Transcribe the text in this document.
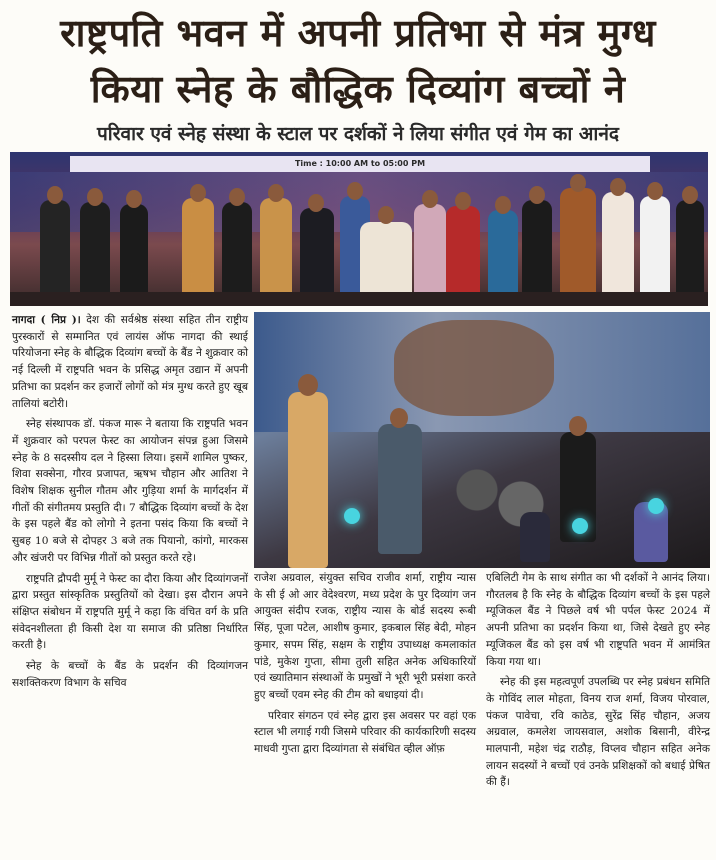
राष्ट्रपति भवन में अपनी प्रतिभा से मंत्र मुग्ध
किया स्नेह के बौद्धिक दिव्यांग बच्चों ने
परिवार एवं स्नेह संस्था के स्टाल पर दर्शकों ने लिया संगीत एवं गेम का आनंद
Time : 10:00 AM to 05:00 PM

नागदा ( निप्र )। देश की सर्वश्रेष्ठ संस्था सहित तीन राष्ट्रीय पुरस्कारों से सम्मानित एवं लायंस ऑफ नागदा की स्थाई परियोजना स्नेह के बौद्धिक दिव्यांग बच्चों के बैंड ने शुक्रवार को नई दिल्ली में राष्ट्रपति भवन के प्रसिद्ध अमृत उद्यान में अपनी प्रतिभा का प्रदर्शन कर हजारों लोगों को मंत्र मुग्ध करते हुए खूब तालियां बटोरी।

स्नेह संस्थापक डॉ. पंकज मारू ने बताया कि राष्ट्रपति भवन में शुक्रवार को परपल फेस्ट का आयोजन संपन्न हुआ जिसमे स्नेह के 8 सदस्सीय दल ने हिस्सा लिया। इसमें शामिल पुष्कर, शिवा सक्सेना, गौरव प्रजापत, ऋषभ चौहान और आतिश ने विशेष शिक्षक सुनील गौतम और गुड़िया शर्मा के मार्गदर्शन में गीतों की संगीतमय प्रस्तुति दी। 7 बौद्धिक दिव्यांग बच्चों के देश के इस पहले बैंड को लोगो ने इतना पसंद किया कि बच्चों ने सुबह 10 बजे से दोपहर 3 बजे तक पियानो, कांगो, मारकस और खंजरी पर विभिन्न गीतों को प्रस्तुत करते रहे।

राष्ट्रपति द्रौपदी मुर्मू ने फेस्ट का दौरा किया और दिव्यांगजनों द्वारा प्रस्तुत सांस्कृतिक प्रस्तुतियों को देखा। इस दौरान अपने संक्षिप्त संबोधन में राष्ट्रपति मुर्मू ने कहा कि वंचित वर्ग के प्रति संवेदनशीलता ही किसी देश या समाज की प्रतिष्ठा निर्धारित करती है।

स्नेह के बच्चों के बैंड के प्रदर्शन की दिव्यांगजन सशक्तिकरण विभाग के सचिव

राजेश अग्रवाल, संयुक्त सचिव राजीव शर्मा, राष्ट्रीय न्यास के सी ई ओ आर वेदेश्वरण, मध्य प्रदेश के पुर दिव्यांग जन आयुक्त संदीप रजक, राष्ट्रीय न्यास के बोर्ड सदस्य रूबी सिंह, पूजा पटेल, आशीष कुमार, इकबाल सिंह बेदी, मोहन कुमार, सपम सिंह, सक्षम के राष्ट्रीय उपाध्यक्ष कमलाकांत पांडे, मुकेश गुप्ता, सीमा तुली सहित अनेक अधिकारियों एवं ख्यातिमान संस्थाओं के प्रमुखों ने भूरी भूरी प्रसंशा करते हुए बच्चों एवम स्नेह की टीम को बधाइयां दी।

परिवार संगठन एवं स्नेह द्वारा इस अवसर पर वहां एक स्टाल भी लगाई गयी जिसमे परिवार की कार्यकारिणी सदस्य माधवी गुप्ता द्वारा दिव्यांगता से संबंधित व्हील ऑफ़

एबिलिटी गेम के साथ संगीत का भी दर्शकों ने आनंद लिया। गौरतलब है कि स्नेह के बौद्धिक दिव्यांग बच्चों के इस पहले म्यूजिकल बैंड ने पिछले वर्ष भी पर्पल फेस्ट 2024 में अपनी प्रतिभा का प्रदर्शन किया था, जिसे देखते हुए स्नेह म्यूजिकल बैंड को इस वर्ष भी राष्ट्रपति भवन में आमंत्रित किया गया था।

स्नेह की इस महत्वपूर्ण उपलब्धि पर स्नेह प्रबंधन समिति के गोविंद लाल मोहता, विनय राज शर्मा, विजय पोरवाल, पंकज पावेचा, रवि काठेड, सुरेंद्र सिंह चौहान, अजय अग्रवाल, कमलेश जायसवाल, अशोक बिसानी, वीरेन्द्र मालपानी, महेश चंद्र राठौड़, विप्लव चौहान सहित अनेक लायन सदस्यों ने बच्चों एवं उनके प्रशिक्षकों को बधाई प्रेषित की हैं।
